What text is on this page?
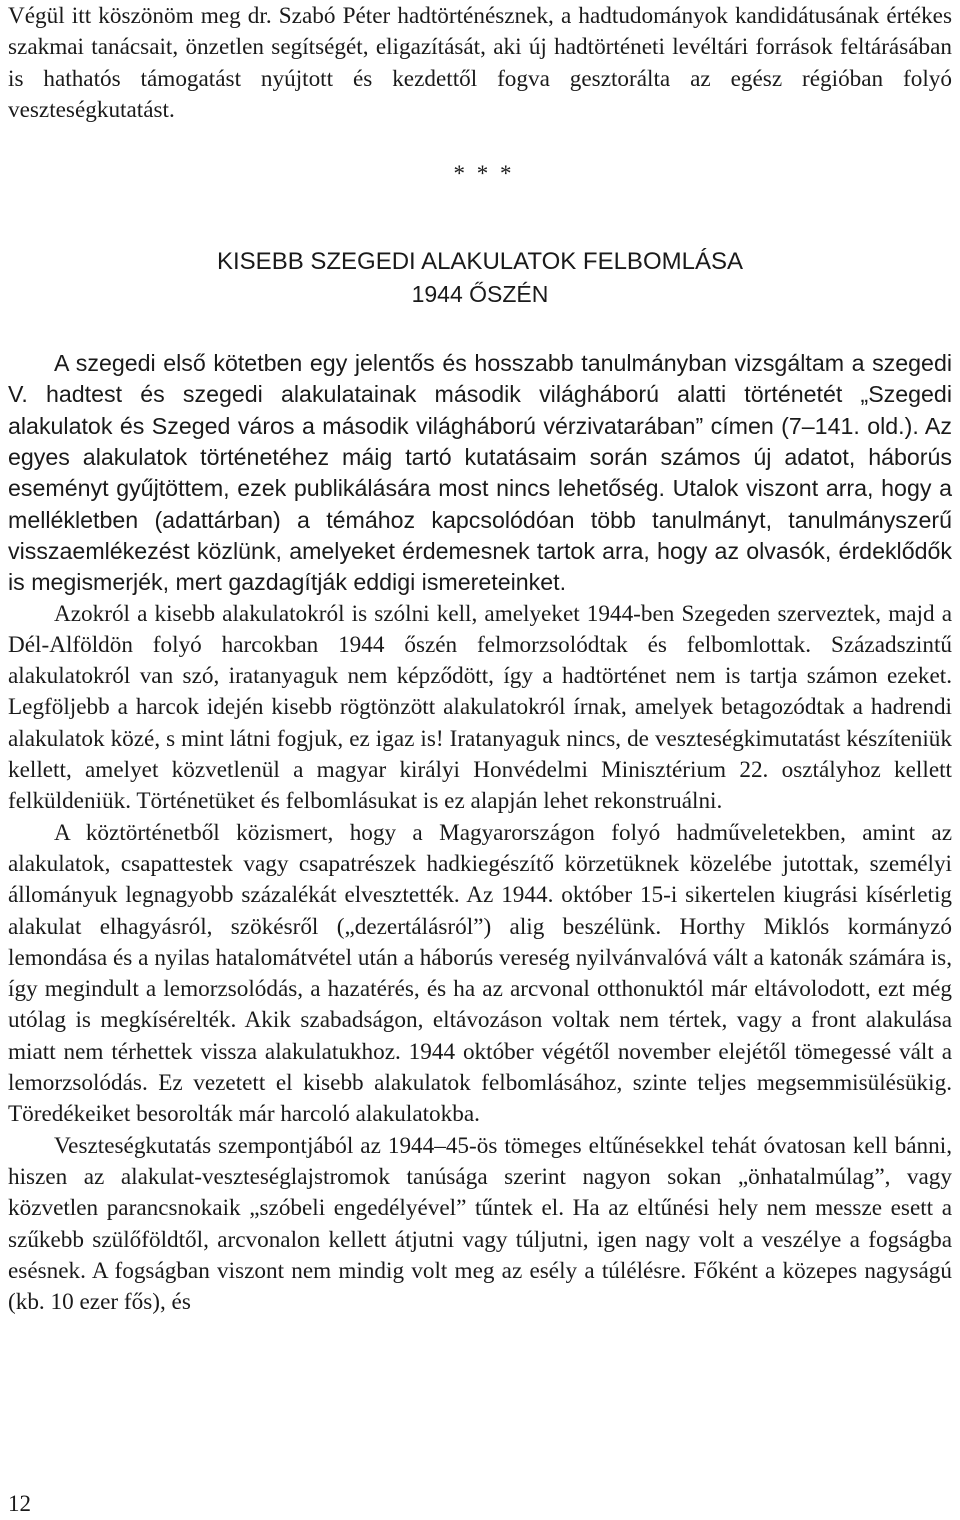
Végül itt köszönöm meg dr. Szabó Péter hadtörténésznek, a hadtudományok kandidátusának értékes szakmai tanácsait, önzetlen segítségét, eligazítását, aki új hadtörténeti levéltári források feltárásában is hathatós támogatást nyújtott és kezdettől fogva gesztorálta az egész régióban folyó veszteségkutatást.

* * *
KISEBB SZEGEDI ALAKULATOK FELBOMLÁSA
1944 ŐSZÉN

A szegedi első kötetben egy jelentős és hosszabb tanulmányban vizsgáltam a szegedi V. hadtest és szegedi alakulatainak második világháború alatti történetét „Szegedi alakulatok és Szeged város a második világháború vérzivatarában” címen (7–141. old.). Az egyes alakulatok történetéhez máig tartó kutatásaim során számos új adatot, háborús eseményt gyűjtöttem, ezek publikálására most nincs lehetőség. Utalok viszont arra, hogy a mellékletben (adattárban) a témához kapcsolódóan több tanulmányt, tanulmányszerű visszaemlékezést közlünk, amelyeket érdemesnek tartok arra, hogy az olvasók, érdeklődők is megismerjék, mert gazdagítják eddigi ismereteinket.

Azokról a kisebb alakulatokról is szólni kell, amelyeket 1944-ben Szegeden szerveztek, majd a Dél-Alföldön folyó harcokban 1944 őszén felmorzsolódtak és felbomlottak. Századszintű alakulatokról van szó, iratanyaguk nem képződött, így a hadtörténet nem is tartja számon ezeket. Legföljebb a harcok idején kisebb rögtönzött alakulatokról írnak, amelyek betagozódtak a hadrendi alakulatok közé, s mint látni fogjuk, ez igaz is! Iratanyaguk nincs, de veszteségkimutatást készíteniük kellett, amelyet közvetlenül a magyar királyi Honvédelmi Minisztérium 22. osztályhoz kellett felküldeniük. Történetüket és felbomlásukat is ez alapján lehet rekonstruálni.

A köztörténetből közismert, hogy a Magyarországon folyó hadműveletekben, amint az alakulatok, csapattestek vagy csapatrészek hadkiegészítő körzetüknek közelébe jutottak, személyi állományuk legnagyobb százalékát elvesztették. Az 1944. október 15-i sikertelen kiugrási kísérletig alakulat elhagyásról, szökésről („dezertálásról”) alig beszélünk. Horthy Miklós kormányzó lemondása és a nyilas hatalomátvétel után a háborús vereség nyilvánvalóvá vált a katonák számára is, így megindult a lemorzsolódás, a hazatérés, és ha az arcvonal otthonuktól már eltávolodott, ezt még utólag is megkísérelték. Akik szabadságon, eltávozáson voltak nem tértek, vagy a front alakulása miatt nem térhettek vissza alakulatukhoz. 1944 október végétől november elejétől tömegessé vált a lemorzsolódás. Ez vezetett el kisebb alakulatok felbomlásához, szinte teljes megsemmisülésükig. Töredékeiket besorolták már harcoló alakulatokba.

Veszteségkutatás szempontjából az 1944–45-ös tömeges eltűnésekkel tehát óvatosan kell bánni, hiszen az alakulat-veszteséglajstromok tanúsága szerint nagyon sokan „önhatalmúlag”, vagy közvetlen parancsnokaik „szóbeli engedélyével” tűntek el. Ha az eltűnési hely nem messze esett a szűkebb szülőföldtől, arcvonalon kellett átjutni vagy túljutni, igen nagy volt a veszélye a fogságba esésnek. A fogságban viszont nem mindig volt meg az esély a túlélésre. Főként a közepes nagyságú (kb. 10 ezer fős), és

12
